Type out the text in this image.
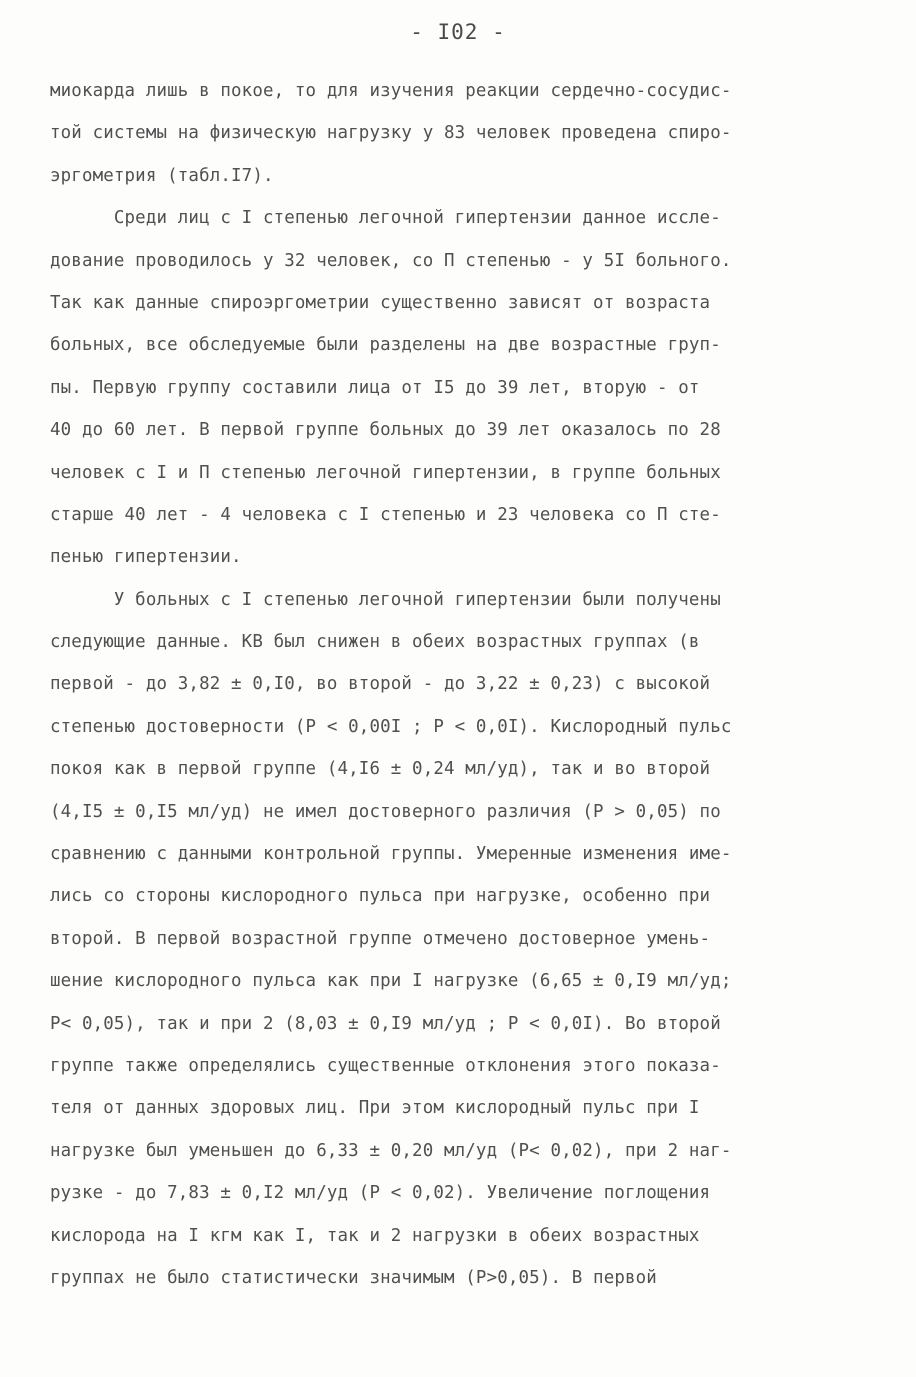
- I02 -
миокарда лишь в покое, то для изучения реакции сердечно-сосудис-
той системы на физическую нагрузку у 83 человек проведена спиро-
эргометрия (табл.I7).
Среди лиц с I степенью легочной гипертензии данное иссле-
дование проводилось у 32 человек, со П степенью - у 5I больного.
Так как данные спироэргометрии существенно зависят от возраста
больных, все обследуемые были разделены на две возрастные груп-
пы. Первую группу составили лица от I5 до 39 лет, вторую - от
40 до 60 лет. В первой группе больных до 39 лет оказалось по 28
человек с I и П степенью легочной гипертензии, в группе больных
старше 40 лет - 4 человека с I степенью и 23 человека со П сте-
пенью гипертензии.
У больных с I степенью легочной гипертензии были получены
следующие данные. КВ был снижен в обеих возрастных группах (в
первой - до 3,82 ± 0,I0, во второй - до 3,22 ± 0,23) с высокой
степенью достоверности (P < 0,00I ; P < 0,0I). Кислородный пульс
покоя как в первой группе (4,I6 ± 0,24 мл/уд), так и во второй
(4,I5 ± 0,I5 мл/уд) не имел достоверного различия (P > 0,05) по
сравнению с данными контрольной группы. Умеренные изменения име-
лись со стороны кислородного пульса при нагрузке, особенно при
второй. В первой возрастной группе отмечено достоверное умень-
шение кислородного пульса как при I нагрузке (6,65 ± 0,I9 мл/уд;
P< 0,05), так и при 2 (8,03 ± 0,I9 мл/уд ; P < 0,0I). Во второй
группе также определялись существенные отклонения этого показа-
теля от данных здоровых лиц. При этом кислородный пульс при I
нагрузке был уменьшен до 6,33 ± 0,20 мл/уд (P< 0,02), при 2 наг-
рузке - до 7,83 ± 0,I2 мл/уд (P < 0,02). Увеличение поглощения
кислорода на I кгм как I, так и 2 нагрузки в обеих возрастных
группах не было статистически значимым (P>0,05). В первой
